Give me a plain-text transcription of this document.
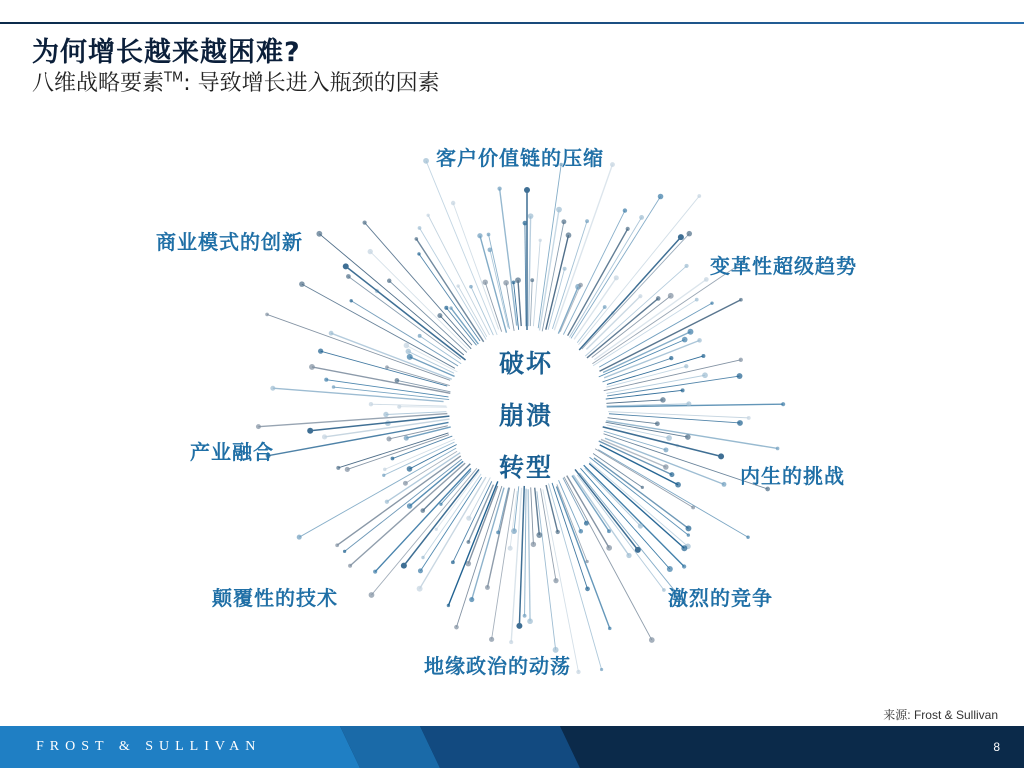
为何增长越来越困难?
八维战略要素™: 导致增长进入瓶颈的因素
客户价值链的压缩
变革性超级趋势
内生的挑战
激烈的竞争
地缘政治的动荡
颠覆性的技术
产业融合
商业模式的创新
破坏
崩溃
转型
来源: Frost & Sullivan
FROST & SULLIVAN	8
